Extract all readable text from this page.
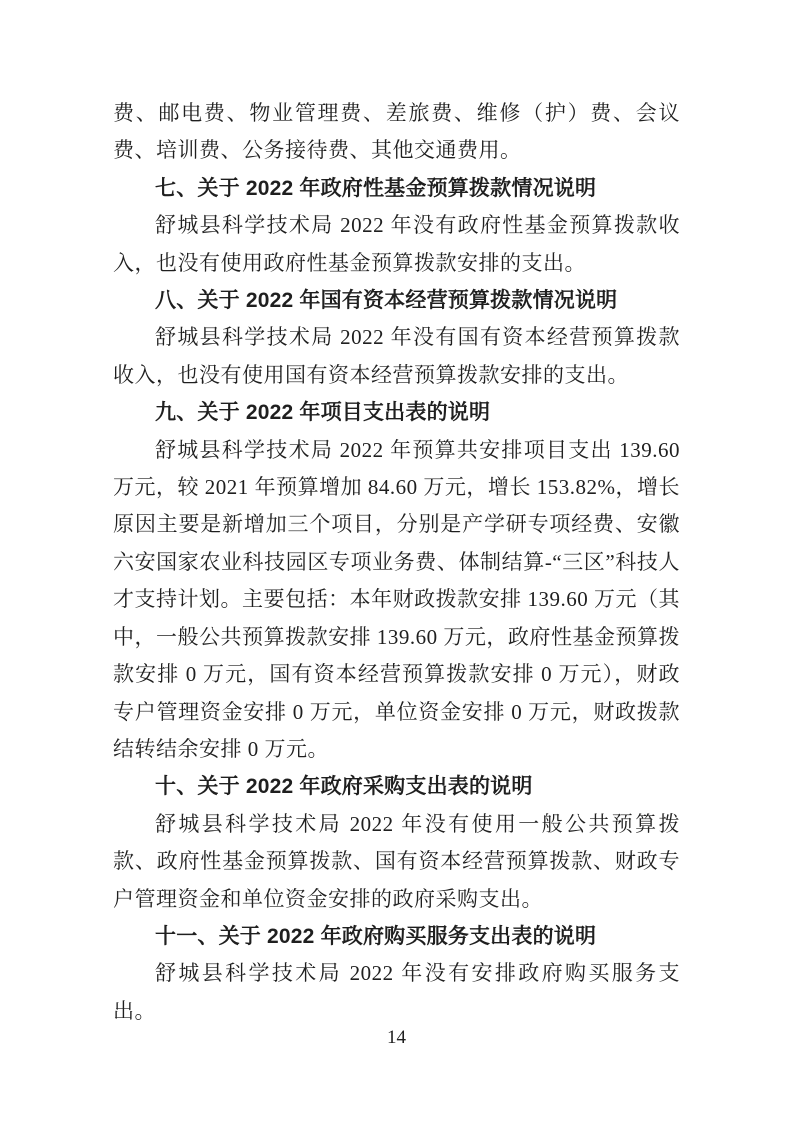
费、邮电费、物业管理费、差旅费、维修（护）费、会议费、培训费、公务接待费、其他交通费用。

七、关于 2022 年政府性基金预算拨款情况说明

舒城县科学技术局 2022 年没有政府性基金预算拨款收入，也没有使用政府性基金预算拨款安排的支出。

八、关于 2022 年国有资本经营预算拨款情况说明

舒城县科学技术局 2022 年没有国有资本经营预算拨款收入，也没有使用国有资本经营预算拨款安排的支出。

九、关于 2022 年项目支出表的说明

舒城县科学技术局 2022 年预算共安排项目支出 139.60 万元，较 2021 年预算增加 84.60 万元，增长 153.82%，增长原因主要是新增加三个项目，分别是产学研专项经费、安徽六安国家农业科技园区专项业务费、体制结算-“三区”科技人才支持计划。主要包括：本年财政拨款安排 139.60 万元（其中，一般公共预算拨款安排 139.60 万元，政府性基金预算拨款安排 0 万元，国有资本经营预算拨款安排 0 万元），财政专户管理资金安排 0 万元，单位资金安排 0 万元，财政拨款结转结余安排 0 万元。

十、关于 2022 年政府采购支出表的说明

舒城县科学技术局 2022 年没有使用一般公共预算拨款、政府性基金预算拨款、国有资本经营预算拨款、财政专户管理资金和单位资金安排的政府采购支出。

十一、关于 2022 年政府购买服务支出表的说明

舒城县科学技术局 2022 年没有安排政府购买服务支出。

14
